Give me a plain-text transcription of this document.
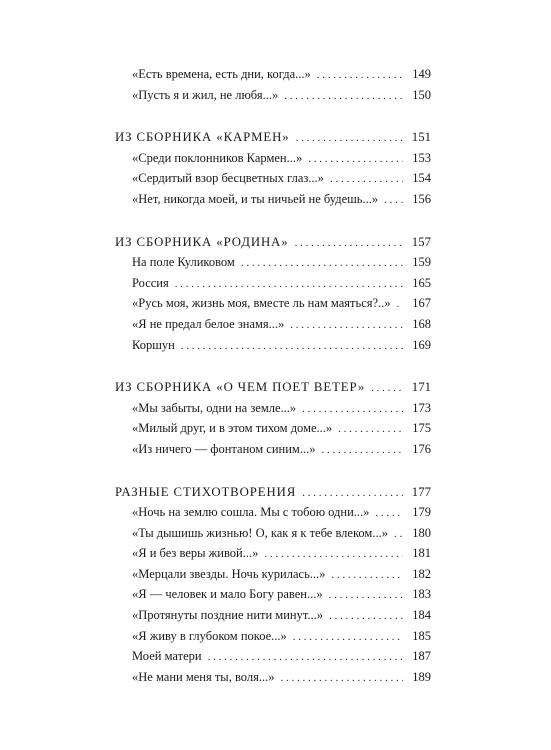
«Есть времена, есть дни, когда...» . . .	149
«Пусть я и жил, не любя...» . . .	150
ИЗ СБОРНИКА «КАРМЕН» . . .	151
«Среди поклонников Кармен...» . . .	153
«Сердитый взор бесцветных глаз...» . . .	154
«Нет, никогда моей, и ты ничьей не будешь...» . . .	156
ИЗ СБОРНИКА «РОДИНА» . . .	157
На поле Куликовом . . .	159
Россия . . .	165
«Русь моя, жизнь моя, вместе ль нам маяться?..» . . . 167
«Я не предал белое знамя...» . . .	168
Коршун . . .	169
ИЗ СБОРНИКА «О ЧЕМ ПОЕТ ВЕТЕР» . . .	171
«Мы забыты, одни на земле...» . . .	173
«Милый друг, и в этом тихом доме...» . . .	175
«Из ничего — фонтаном синим...» . . .	176
РАЗНЫЕ СТИХОТВОРЕНИЯ . . .	177
«Ночь на землю сошла. Мы с тобою одни...» . . .	179
«Ты дышишь жизнью! О, как я к тебе влеком...» . . . 180
«Я и без веры живой...» . . .	181
«Мерцали звезды. Ночь курилась...» . . .	182
«Я — человек и мало Богу равен...» . . .	183
«Протянуты поздние нити минут...» . . .	184
«Я живу в глубоком покое...» . . .	185
Моей матери . . .	187
«Не мани меня ты, воля...» . . .	189
